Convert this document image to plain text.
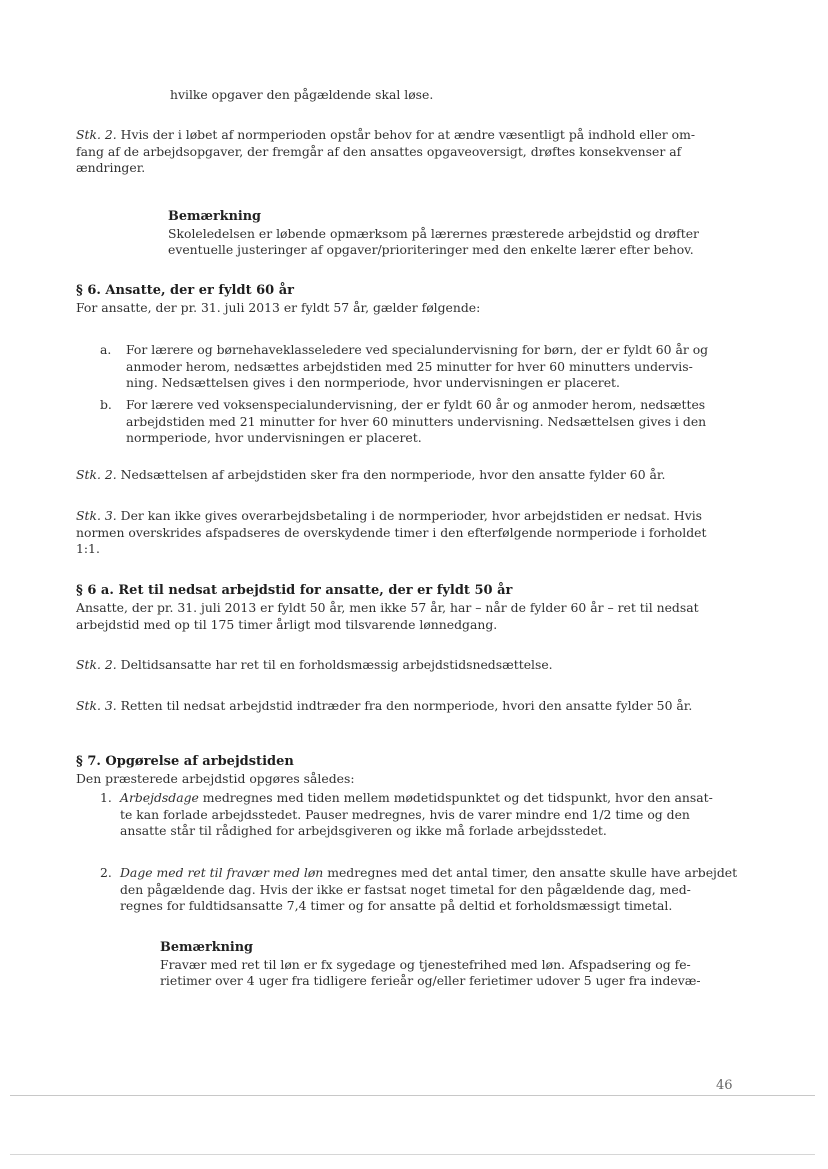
hvilke opgaver den pågældende skal løse.

Stk. 2. Hvis der i løbet af normperioden opstår behov for at ændre væsentligt på indhold eller om-

fang af de arbejdsopgaver, der fremgår af den ansattes opgaveoversigt, drøftes konsekvenser af

ændringer.

Bemærkning

Skoleledelsen er løbende opmærksom på lærernes præsterede arbejdstid og drøfter

eventuelle justeringer af opgaver/prioriteringer med den enkelte lærer efter behov.

§ 6. Ansatte, der er fyldt 60 år
For ansatte, der pr. 31. juli 2013 er fyldt 57 år, gælder følgende:
a. For lærere og børnehaveklasseledere ved specialundervisning for børn, der er fyldt 60 år og

anmoder herom, nedsættes arbejdstiden med 25 minutter for hver 60 minutters undervis-

ning. Nedsættelsen gives i den normperiode, hvor undervisningen er placeret.

b. For lærere ved voksenspecialundervisning, der er fyldt 60 år og anmoder herom, nedsættes

arbejdstiden med 21 minutter for hver 60 minutters undervisning. Nedsættelsen gives i den

normperiode, hvor undervisningen er placeret.

Stk. 2. Nedsættelsen af arbejdstiden sker fra den normperiode, hvor den ansatte fylder 60 år.

Stk. 3. Der kan ikke gives overarbejdsbetaling i de normperioder, hvor arbejdstiden er nedsat. Hvis

normen overskrides afspadseres de overskydende timer i den efterfølgende normperiode i forholdet

1:1.

§ 6 a. Ret til nedsat arbejdstid for ansatte, der er fyldt 50 år

Ansatte, der pr. 31. juli 2013 er fyldt 50 år, men ikke 57 år, har – når de fylder 60 år – ret til nedsat

arbejdstid med op til 175 timer årligt mod tilsvarende lønnedgang.

Stk. 2. Deltidsansatte har ret til en forholdsmæssig arbejdstidsnedsættelse.

Stk. 3. Retten til nedsat arbejdstid indtræder fra den normperiode, hvori den ansatte fylder 50 år.

§ 7. Opgørelse af arbejdstiden
Den præsterede arbejdstid opgøres således:
1. Arbejdsdage medregnes med tiden mellem mødetidspunktet og det tidspunkt, hvor den ansat-

te kan forlade arbejdsstedet. Pauser medregnes, hvis de varer mindre end 1/2 time og den

ansatte står til rådighed for arbejdsgiveren og ikke må forlade arbejdsstedet.

2. Dage med ret til fravær med løn medregnes med det antal timer, den ansatte skulle have arbejdet

den pågældende dag. Hvis der ikke er fastsat noget timetal for den pågældende dag, med-

regnes for fuldtidsansatte 7,4 timer og for ansatte på deltid et forholdsmæssigt timetal.

Bemærkning

Fravær med ret til løn er fx sygedage og tjenestefrihed med løn. Afspadsering og fe-

rietimer over 4 uger fra tidligere ferieår og/eller ferietimer udover 5 uger fra indevæ-

46
